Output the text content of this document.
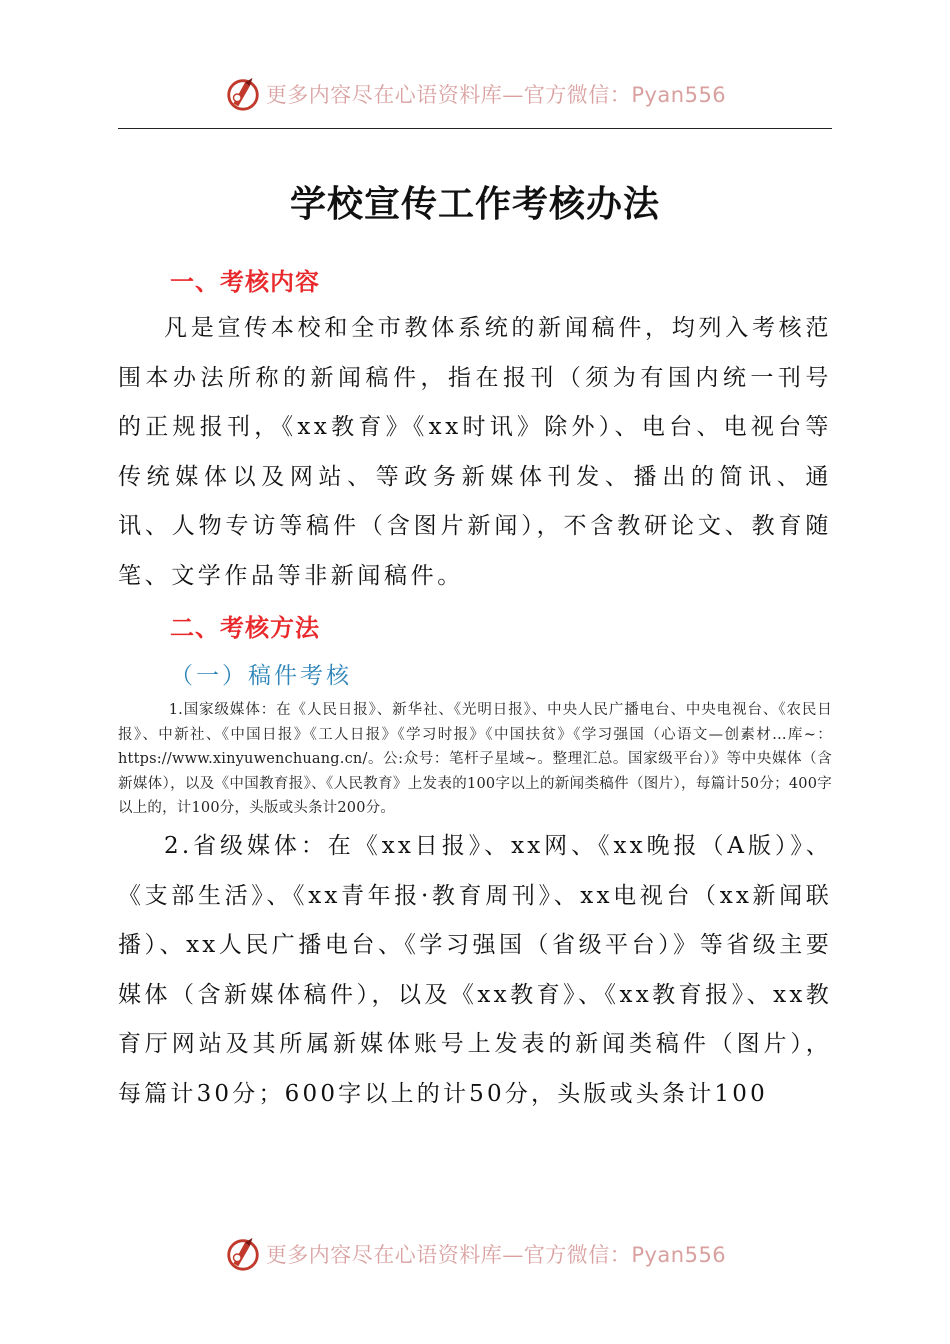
更多内容尽在心语资料库—官方微信：Pyan556
学校宣传工作考核办法
一、考核内容

凡是宣传本校和全市教体系统的新闻稿件，均列入考核范围本办法所称的新闻稿件，指在报刊（须为有国内统一刊号的正规报刊，《xx教育》《xx时讯》除外）、电台、电视台等传统媒体以及网站、等政务新媒体刊发、播出的简讯、通讯、人物专访等稿件（含图片新闻），不含教研论文、教育随笔、文学作品等非新闻稿件。

二、考核方法
（一）稿件考核

1.国家级媒体：在《人民日报》、新华社、《光明日报》、中央人民广播电台、中央电视台、《农民日报》、中新社、《中国日报》《工人日报》《学习时报》《中国扶贫》《学习强国（心语文—创素材…库~：https://www.xinyuwenchuang.cn/。公:众号：笔杆子星域~。整理汇总。国家级平台）》等中央媒体（含新媒体），以及《中国教育报》、《人民教育》上发表的100字以上的新闻类稿件（图片），每篇计50分；400字以上的，计100分，头版或头条计200分。

2.省级媒体：在《xx日报》、xx网、《xx晚报（A版）》、《支部生活》、《xx青年报·教育周刊》、xx电视台（xx新闻联播）、xx人民广播电台、《学习强国（省级平台）》等省级主要媒体（含新媒体稿件），以及《xx教育》、《xx教育报》、xx教育厅网站及其所属新媒体账号上发表的新闻类稿件（图片），每篇计30分；600字以上的计50分，头版或头条计100

更多内容尽在心语资料库—官方微信：Pyan556
